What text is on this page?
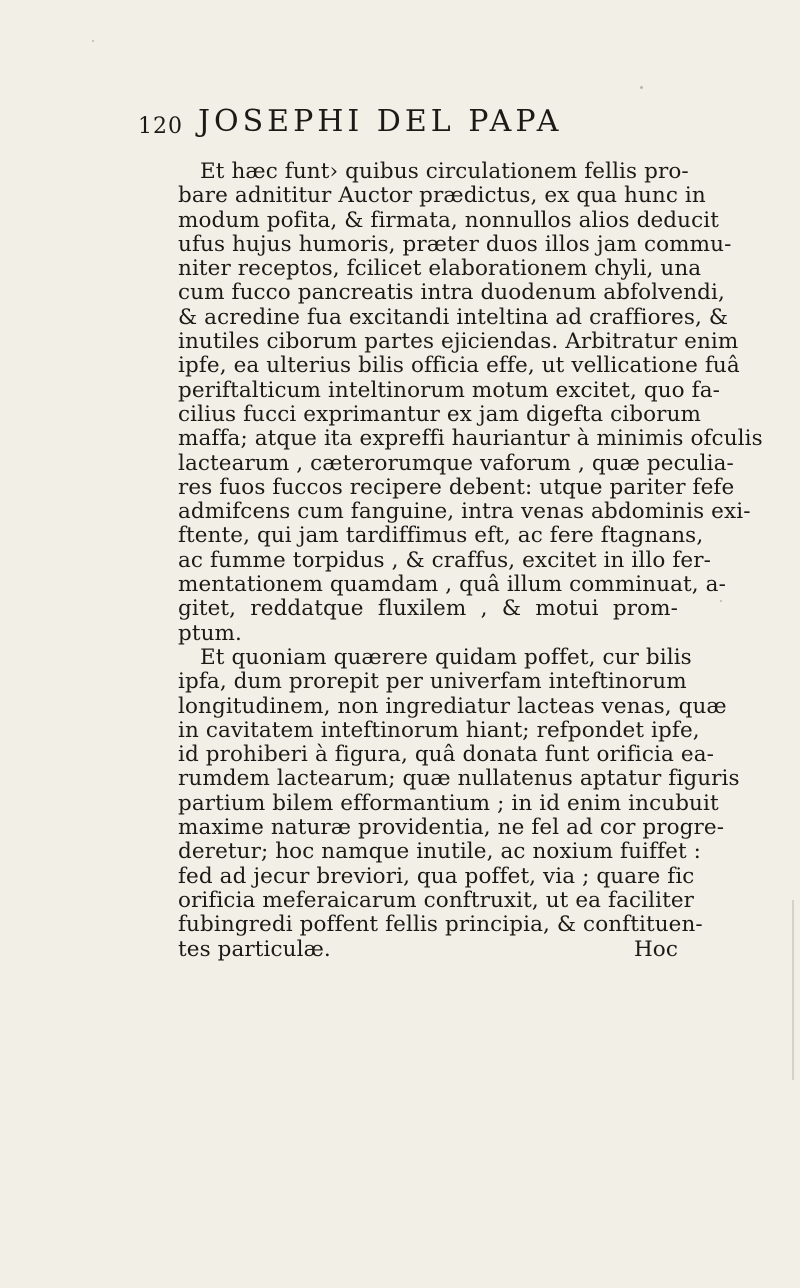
120 JOSEPHI DEL PAPA
Et hæc funt› quibus circulationem fellis pro-
bare adnititur Auctor prædictus, ex qua hunc in
modum pofita, & firmata, nonnullos alios deducit
ufus hujus humoris, præter duos illos jam commu-
niter receptos, fcilicet elaborationem chyli, una
cum fucco pancreatis intra duodenum abfolvendi,
& acredine fua excitandi inteltina ad craffiores, &
inutiles ciborum partes ejiciendas. Arbitratur enim
ipfe, ea ulterius bilis officia effe, ut vellicatione fuâ
periftalticum inteltinorum motum excitet, quo fa-
cilius fucci exprimantur ex jam digefta ciborum
maffa; atque ita expreffi hauriantur à minimis ofculis
lactearum , cæterorumque vaforum , quæ peculia-
res fuos fuccos recipere debent: utque pariter fefe
admifcens cum fanguine, intra venas abdominis exi-
ftente, qui jam tardiffimus eft, ac fere ftagnans,
ac fumme torpidus , & craffus, excitet in illo fer-
mentationem quamdam , quâ illum comminuat, a-
gitet, reddatque fluxilem , & motui prom-
ptum.
Et quoniam quærere quidam poffet, cur bilis
ipfa, dum prorepit per univerfam inteftinorum
longitudinem, non ingrediatur lacteas venas, quæ
in cavitatem inteftinorum hiant; refpondet ipfe,
id prohiberi à figura, quâ donata funt orificia ea-
rumdem lactearum; quæ nullatenus aptatur figuris
partium bilem efformantium ; in id enim incubuit
maxime naturæ providentia, ne fel ad cor progre-
deretur; hoc namque inutile, ac noxium fuiffet :
fed ad jecur breviori, qua poffet, via ; quare fic
orificia meferaicarum conftruxit, ut ea faciliter
fubingredi poffent fellis principia, & conftituen-
tes particulæ.	Hoc
